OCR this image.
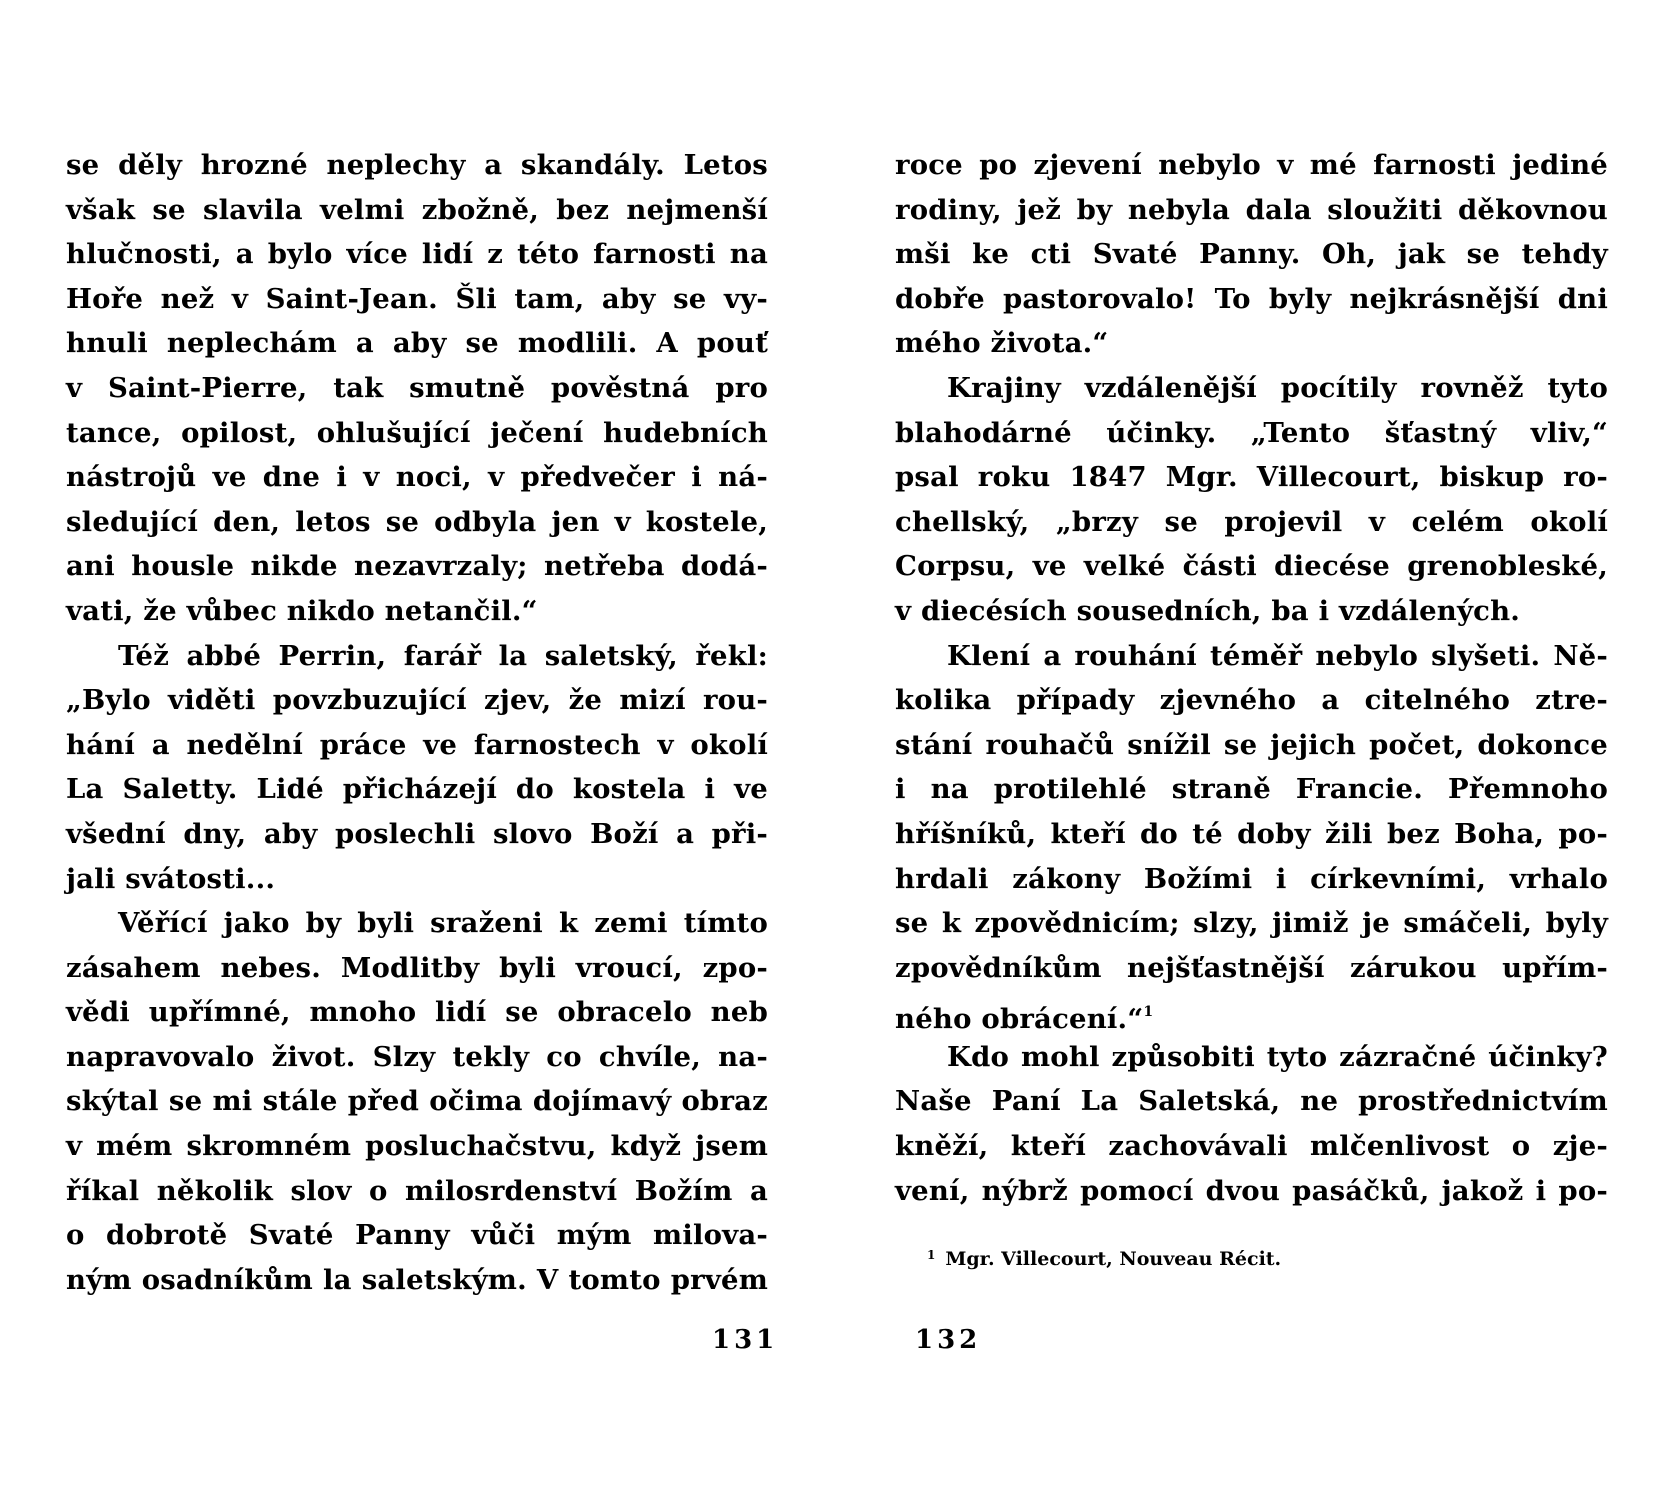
se děly hrozné neplechy a skandály. Letos
však se slavila velmi zbožně, bez nejmenší
hlučnosti, a bylo více lidí z této farnosti na
Hoře než v Saint-Jean. Šli tam, aby se vy-
hnuli neplechám a aby se modlili. A pouť
v Saint-Pierre, tak smutně pověstná pro
tance, opilost, ohlušující ječení hudebních
nástrojů ve dne i v noci, v předvečer i ná-
sledující den, letos se odbyla jen v kostele,
ani housle nikde nezavrzaly; netřeba dodá-
vati, že vůbec nikdo netančil.“
Též abbé Perrin, farář la saletský, řekl:
„Bylo viděti povzbuzující zjev, že mizí rou-
hání a nedělní práce ve farnostech v okolí
La Saletty. Lidé přicházejí do kostela i ve
všední dny, aby poslechli slovo Boží a při-
jali svátosti...
Věřící jako by byli sraženi k zemi tímto
zásahem nebes. Modlitby byli vroucí, zpo-
vědi upřímné, mnoho lidí se obracelo neb
napravovalo život. Slzy tekly co chvíle, na-
skýtal se mi stále před očima dojímavý obraz
v mém skromném posluchačstvu, když jsem
říkal několik slov o milosrdenství Božím a
o dobrotě Svaté Panny vůči mým milova-
ným osadníkům la saletským. V tomto prvém
roce po zjevení nebylo v mé farnosti jediné
rodiny, jež by nebyla dala sloužiti děkovnou
mši ke cti Svaté Panny. Oh, jak se tehdy
dobře pastorovalo! To byly nejkrásnější dni
mého života.“
Krajiny vzdálenější pocítily rovněž tyto
blahodárné účinky. „Tento šťastný vliv,“
psal roku 1847 Mgr. Villecourt, biskup ro-
chellský, „brzy se projevil v celém okolí
Corpsu, ve velké části diecése grenobleské,
v diecésích sousedních, ba i vzdálených.
Klení a rouhání téměř nebylo slyšeti. Ně-
kolika případy zjevného a citelného ztre-
stání rouhačů snížil se jejich počet, dokonce
i na protilehlé straně Francie. Přemnoho
hříšníků, kteří do té doby žili bez Boha, po-
hrdali zákony Božími i církevními, vrhalo
se k zpovědnicím; slzy, jimiž je smáčeli, byly
zpovědníkům nejšťastnější zárukou upřím-
ného obrácení.“$^1$
Kdo mohl způsobiti tyto zázračné účinky?
Naše Paní La Saletská, ne prostřednictvím
kněží, kteří zachovávali mlčenlivost o zje-
vení, nýbrž pomocí dvou pasáčků, jakož i po-
$^1$ Mgr. Villecourt, Nouveau Récit.
131	132
